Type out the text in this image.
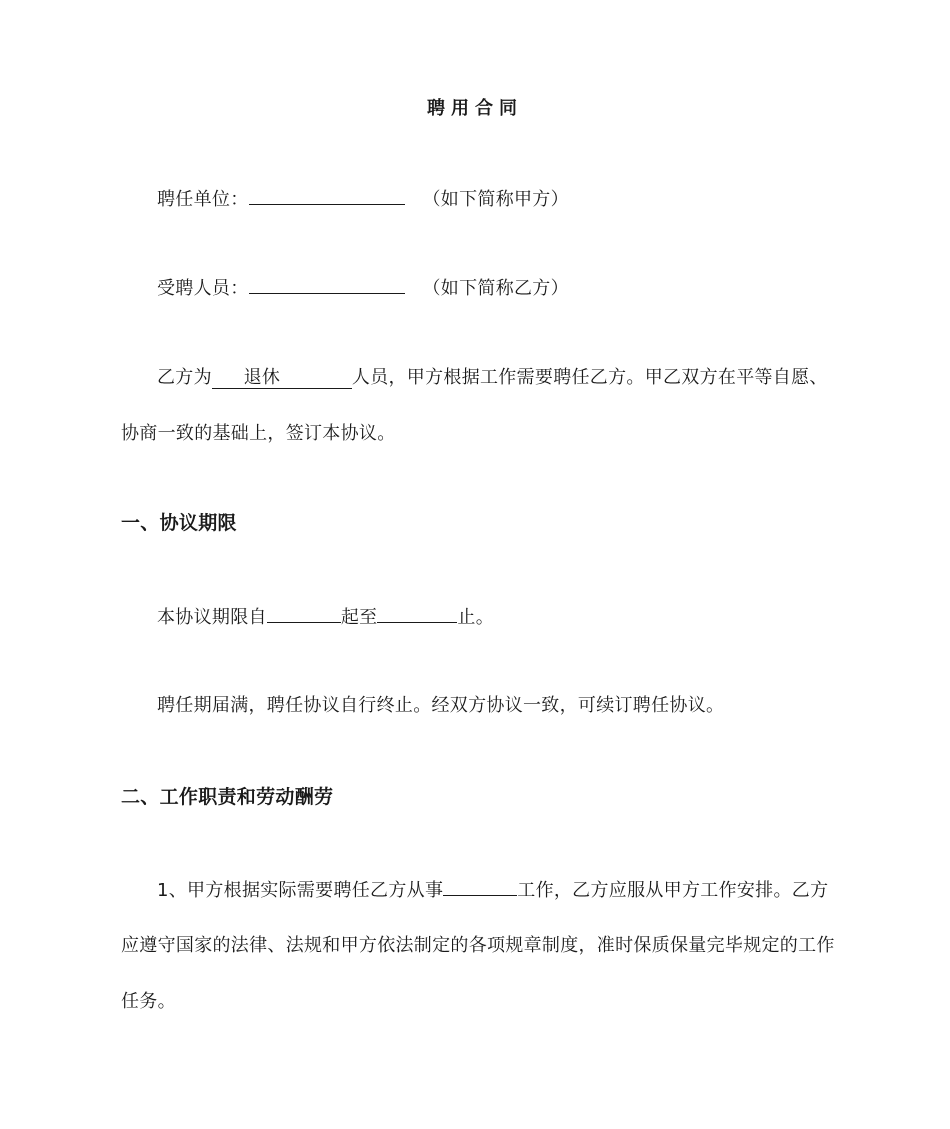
聘用合同
聘任单位：	（如下简称甲方）
受聘人员：	（如下简称乙方）
乙方为 退休	人员，甲方根据工作需要聘任乙方。甲乙双方在平等自愿、
协商一致的基础上，签订本协议。
一、协议期限
本协议期限自	起至	止。
聘任期届满，聘任协议自行终止。经双方协议一致，可续订聘任协议。
二、工作职责和劳动酬劳
1、甲方根据实际需要聘任乙方从事	工作，乙方应服从甲方工作安排。乙方
应遵守国家的法律、法规和甲方依法制定的各项规章制度，准时保质保量完毕规定的工作
任务。
